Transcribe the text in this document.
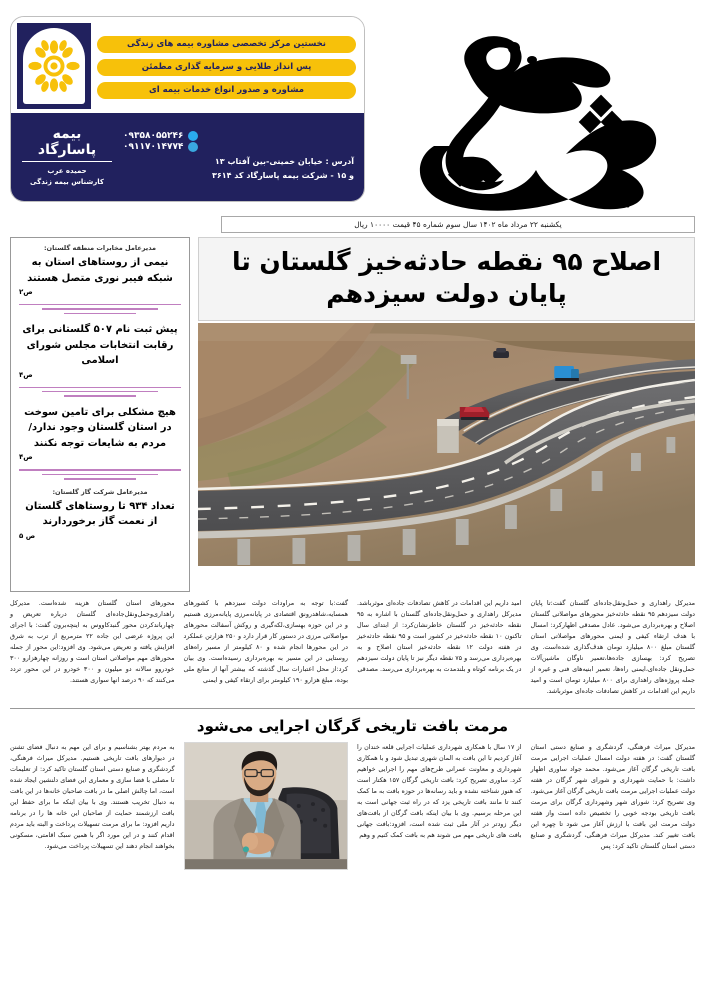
نخستین مرکز تخصصی مشاوره بیمه های زندگی
پس انداز طلایی و سرمایه گذاری مطمئن
مشاوره و صدور انواع خدمات بیمه ای
۰۹۳۵۸۰۵۵۲۴۶
۰۹۱۱۷۰۱۴۷۷۴
آدرس : خیابان خمینی-بین آفتاب ۱۳
و ۱۵ - شرکت بیمه پاسارگاد کد ۳۶۱۴
بیمه پاسارگاد
حمیده عرب
کارشناس بیمه زندگی
یکشنبه ۲۲ مرداد ماه ۱۴۰۲ سال سوم شماره ۴۵ قیمت ۱۰۰۰۰ ریال
اصلاح ۹۵ نقطه حادثه‌خیز گلستان تا پایان دولت سیزدهم
مدیرعامل مخابرات منطقه گلستان:
نیمی از روستاهای استان به شبکه فیبر نوری متصل هستند
ص۲
پیش ثبت نام ۵۰۷ گلستانی برای رقابت انتخابات مجلس شورای اسلامی
ص۴
هیچ مشکلی برای تامین سوخت در استان گلستان وجود ندارد/مردم به شایعات توجه نکنند
ص۴
مدیرعامل شرکت گاز گلستان:
تعداد ۹۳۴ تا روستاهای گلستان از نعمت گاز برخوردارند
ص ۵

مدیرکل راهداری و حمل‌ونقل‌جاده‌ای گلستان گفت:تا پایان دولت سیزدهم ۹۵ نقطه حادثه‌خیز محورهای مواصلاتی گلستان اصلاح و بهره‌برداری می‌شود. عادل مصدقی اظهارکرد: امسال با هدف ارتقاء کیفی و ایمنی محورهای مواصلاتی استان گلستان مبلغ ۸۰۰ میلیارد تومان هدف‌گذاری شده‌است. وی تصریح کرد: بهسازی جاده‌ها،تعمیر ناوگان ماشین‌آلات حمل‌ونقل جاده‌ای،ایمنی راه‌ها، تعمیر ابنیه‌های فنی و غیره از جمله پروژه‌های راهداری برای ۸۰۰ میلیارد تومان است و امید داریم این اقدامات در کاهش تصادفات جاده‌ای موثرباشد.

امید داریم این اقدامات در کاهش تصادفات جاده‌ای موثرباشد. مدیرکل راهداری و حمل‌ونقل‌جاده‌ای گلستان با اشاره به ۹۵ نقطه حادثه‌خیز در گلستان خاطرنشان‌کرد: از ابتدای سال تاکنون ۱۰ نقطه حادثه‌خیز در کشور است و ۹۵ نقطه حادثه‌خیز در هفته دولت ۱۲ نقطه حادثه‌خیز استان اصلاح و به بهره‌برداری می‌رسد و ۷۵ نقطه دیگر نیز تا پایان دولت سیزدهم در یک برنامه کوتاه و بلندمدت به بهره‌برداری می‌رسد. مصدقی

گفت:با توجه به مراودات دولت سیزدهم با کشورهای همسایه،شاهدرونق اقتصادی در پایانه‌مرزی پایانه‌مرزی هستیم و در این حوزه بهسازی،لکه‌گیری و روکش آسفالت محورهای مواصلاتی مرزی در دستور کار قرار دارد و ۲۵۰ هزارتن عملکرد در این محورها انجام شده و ۸۰ کیلومتر از مسیر راه‌های روستایی در این مسیر به بهره‌برداری رسیده‌است. وی بیان کرد:از محل اعتبارات سال گذشته که بیشتر آنها از منابع ملی بوده، مبلغ هزارو ۱۹۰ کیلومتر برای ارتقاء کیفی و ایمنی

محورهای استان گلستان هزینه شده‌است. مدیرکل راهداری‌وحمل‌ونقل‌جاده‌ای گلستان درباره تعریض و چهارباندکردن محور گنبدکاووس به اینچه‌برون گفت: با اجرای این پروژه عرضی این جاده ۲۲ مترمربع از ترب به شرق افزایش یافته و تعریض می‌شود. وی افزود:این محور از جمله محورهای مهم مواصلاتی استان است و روزانه چهارهزارو ۳۰۰ خودروو سالانه دو میلیون و ۳۰۰ خودرو در این محور تردد می‌کنند که ۹۰ درصد انها سواری هستند.

مرمت بافت تاریخی گرگان اجرایی می‌شود

مدیرکل میراث فرهنگی، گردشگری و صنایع دستی استان گلستان گفت: در هفته دولت امسال عملیات اجرایی مرمت بافت تاریخی گرگان آغاز می‌شود. محمد جواد ساوری اظهار داشت: با حمایت شهرداری و شورای شهر گرگان در هفته دولت عملیات اجرایی مرمت بافت تاریخی گرگان آغاز می‌شود. وی تصریح کرد: شورای شهر وشهرداری گرگان برای مرمت بافت تاریخی بودجه خوبی را تخصیص داده است واز هفته دولت مرمت این بافت با ارزش آغاز می شود تا چهره این بافت تغییر کند. مدیرکل میراث فرهنگی، گردشگری و صنایع دستی استان گلستان تاکید کرد: پس

از ۱۷ سال با همکاری شهرداری عملیات اجرایی قلعه خندان را آغاز کردیم تا این بافت به المان شهری تبدیل شود و با همکاری شهرداری و معاونت عمرانی طرح‌های مهم را اجرایی خواهیم کرد. ساوری تصریح کرد: بافت تاریخی گرگان ۱۵۷ هکتار است که هنوز شناخته نشده و باید رسانه‌ها در حوزه بافت به ما کمک کنند تا مانند بافت تاریخی یزد که در راه ثبت جهانی است به این مرحله برسیم. وی با بیان اینکه بافت گرگان از بافت‌های دیگر زودتر در آثار ملی ثبت شده است، افزود:بافت جهانی بافت های تاریخی مهم می شوند هم به بافت کمک کنیم و وهم

به مردم بهتر بشناسیم و برای این مهم به دنبال فضای تشنن در دیوارهای بافت تاریخی هستیم. مدیرکل میراث فرهنگی، گردشگری و صنایع دستی استان گلستان تاکید کرد: از تعلیمات تا مصلی با فضا سازی و معماری این فضای دلنشین ایجاد شده است، اما چالش اصلی ما در بافت صاحبان خانه‌ها در این بافت به دنبال تخریب هستند. وی با بیان اینکه ما برای حفظ این بافت ارزشمند حمایت از صاحبان این خانه ها را در برنامه داریم افزود: ما برای مرمت تسهیلات پرداخت و البته باید مردم اقدام کنند و در این مورد اگر با همین سبک اقامتی، مسکونی بخواهند انجام دهند این تسهیلات پرداخت می‌شود.
